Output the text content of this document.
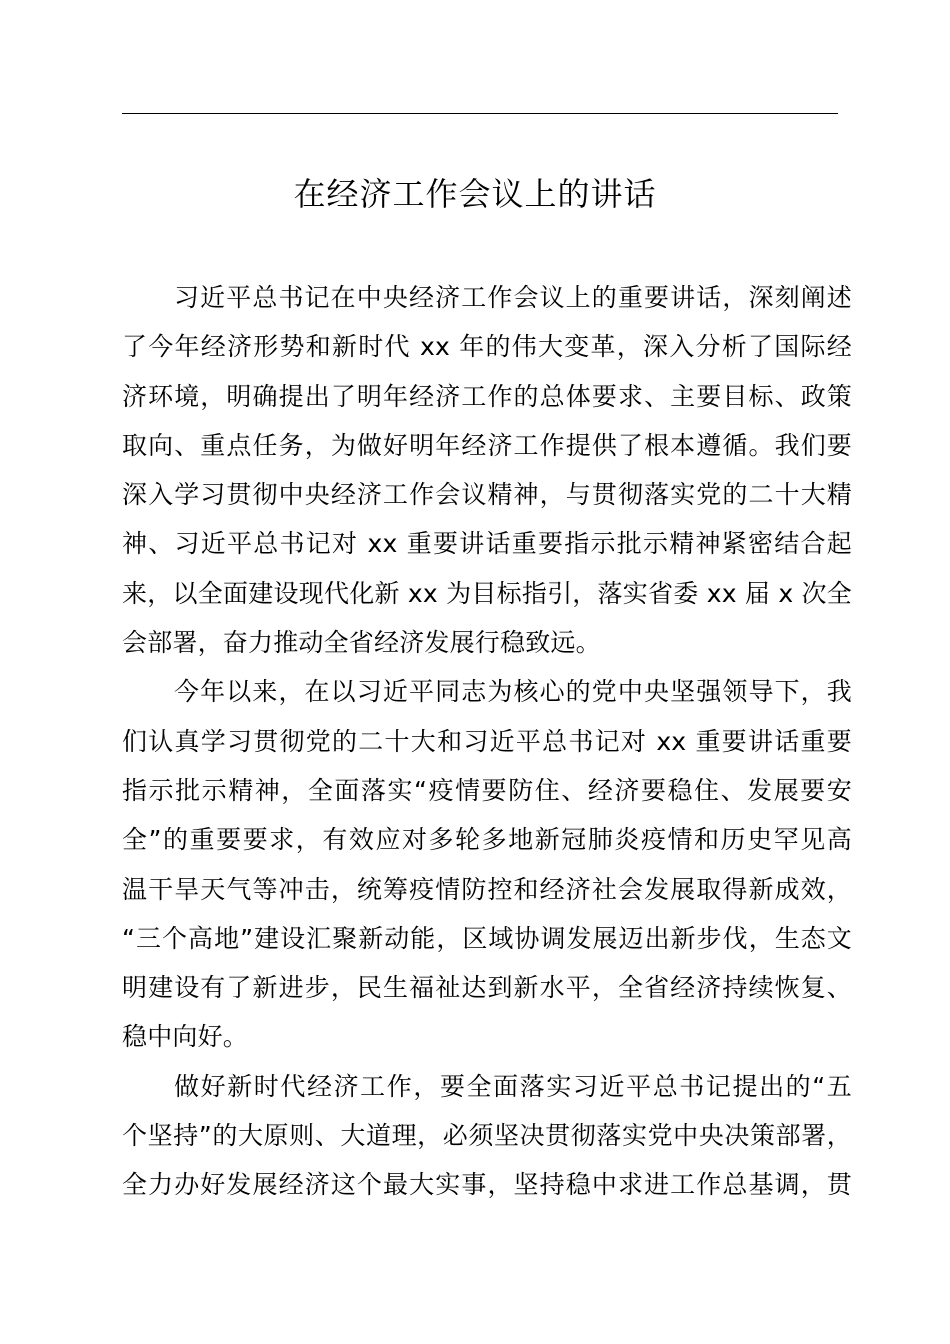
在经济工作会议上的讲话

习近平总书记在中央经济工作会议上的重要讲话，深刻阐述
了今年经济形势和新时代 xx 年的伟大变革，深入分析了国际经
济环境，明确提出了明年经济工作的总体要求、主要目标、政策
取向、重点任务，为做好明年经济工作提供了根本遵循。我们要
深入学习贯彻中央经济工作会议精神，与贯彻落实党的二十大精
神、习近平总书记对 xx 重要讲话重要指示批示精神紧密结合起
来，以全面建设现代化新 xx 为目标指引，落实省委 xx 届 x 次全
会部署，奋力推动全省经济发展行稳致远。

今年以来，在以习近平同志为核心的党中央坚强领导下，我
们认真学习贯彻党的二十大和习近平总书记对 xx 重要讲话重要
指示批示精神，全面落实“疫情要防住、经济要稳住、发展要安
全”的重要要求，有效应对多轮多地新冠肺炎疫情和历史罕见高
温干旱天气等冲击，统筹疫情防控和经济社会发展取得新成效，
“三个高地”建设汇聚新动能，区域协调发展迈出新步伐，生态文
明建设有了新进步，民生福祉达到新水平，全省经济持续恢复、
稳中向好。

做好新时代经济工作，要全面落实习近平总书记提出的“五
个坚持”的大原则、大道理，必须坚决贯彻落实党中央决策部署，
全力办好发展经济这个最大实事，坚持稳中求进工作总基调，贯
